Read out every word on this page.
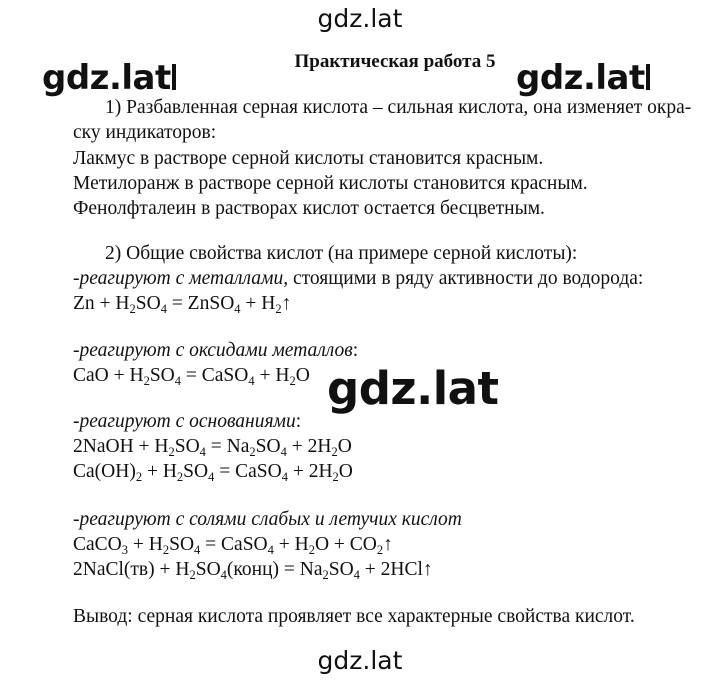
gdz.lat
gdz.lat	gdz.lat
Практическая работа 5
1) Разбавленная серная кислота – сильная кислота, она изменяет окра-
ску индикаторов:
Лакмус в растворе серной кислоты становится красным.
Метилоранж в растворе серной кислоты становится красным.
Фенолфталеин в растворах кислот остается бесцветным.
2) Общие свойства кислот (на примере серной кислоты):
-реагируют с металлами, стоящими в ряду активности до водорода:
$Zn + H_2SO_4$ = ZnSO$_4$ + $H_2↑$
-реагируют с оксидами металлов:
CaO + $H_2SO_4$ = CaSO$_4$ + $H_2O$
-реагируют с основаниями:
2NaOH + $H_2SO_4 = Na_2SO_4 + 2H_2O$
$Ca(OH)_2 + H_2SO_4$ = CaSO$_4$ + $2H_2O$
-реагируют с солями слабых и летучих кислот
CaCO$_3$ + $H_2SO_4$ = CaSO$_4$ + $H_2O$ + $CO_2↑$
2NaCl(тв) + $H_2SO_4(конц) = Na_2SO_4$ + 2HCl↑
Вывод: серная кислота проявляет все характерные свойства кислот.
gdz.lat
gdz.lat
